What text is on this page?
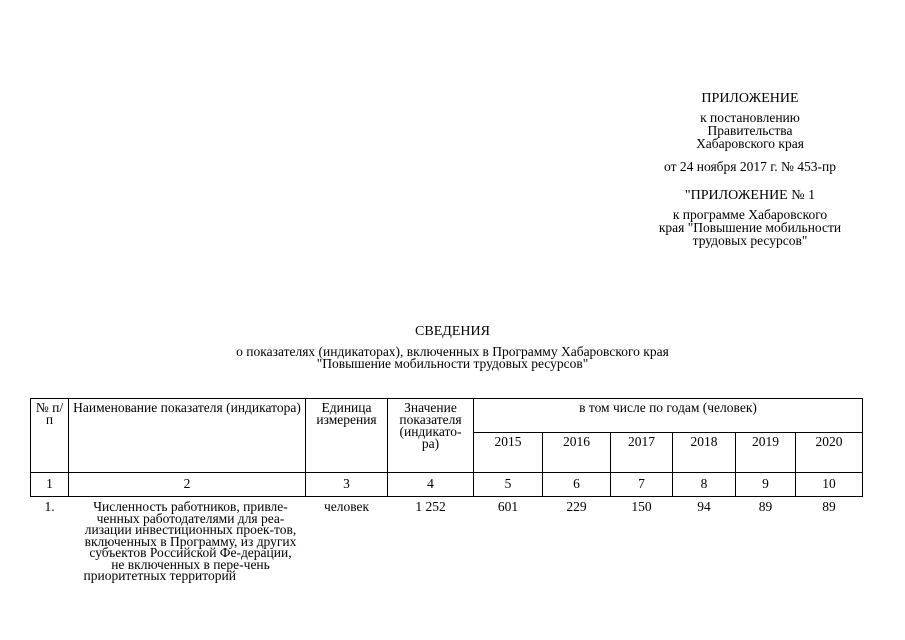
ПРИЛОЖЕНИЕ
к постановлению
Правительства
Хабаровского края
от 24 ноября 2017 г. № 453-пр
"ПРИЛОЖЕНИЕ № 1
к программе Хабаровского
края "Повышение мобильности
трудовых ресурсов"
СВЕДЕНИЯ
о показателях (индикаторах), включенных в Программу Хабаровского края
"Повышение мобильности трудовых ресурсов"
№ п/п	Наименование показателя (индикатора)	Единица измерения	Значение показателя (индикато-ра)	в том числе по годам (человек)					
				2015	2016	2017	2018	2019	2020
1	2	3	4	5	6	7	8	9	10
1.	Численность работников, привле-ченных работодателями для реа-лизации инвестиционных проек-тов, включенных в Программу, из других субъектов Российской Фе-дерации, не включенных в пере-чень приоритетных территорий	человек	1 252	601	229	150	94	89	89
